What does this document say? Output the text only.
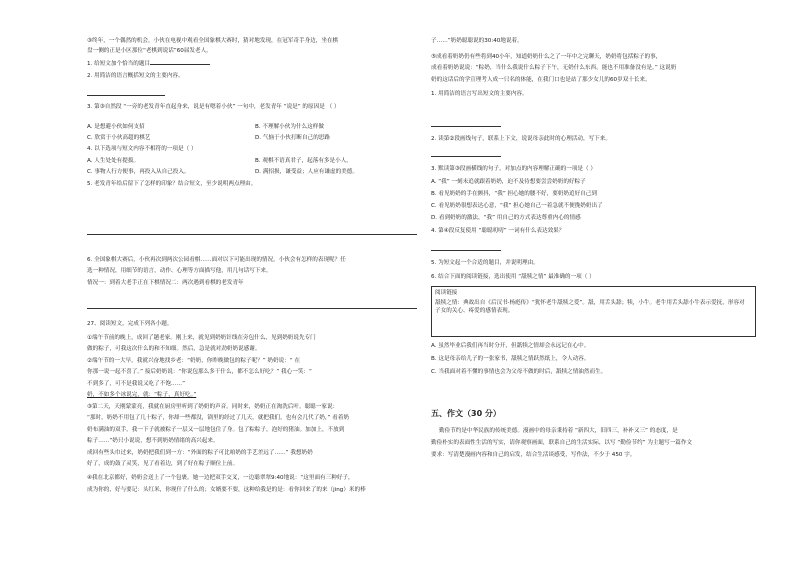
③终年，一个偶然的机会，小伙在电视中观看全国象棋大赛时，猜对地发现，在冠军奇手身边，坐在棋

盘一侧的正是小区那位“老棋到说话”60届发老人。

1. 给短文加个恰当的题目

2. 用简洁的语言概括短文的主要内容。

3. 第③自然段 “一旁的老发青年直起身来，说是有嗯着小伙” 一句中，老发青年 “说是” 的原因是 （ ）

A. 是想避小伙如何支招	B. 不理解小伙为什么这样做

C. 欣赏于小伙高超的棋艺	D. 气恼于小伙打断自己的思路

4. 以下选项与短文内容不相符的一项是（ ）

A. 人生处处有提拔。	B. 观棋不语真君子，起落有多是小人。

C. 事物人行方便事，再投入从自己投入。	D. 满招损，谦受益；人应有谦虚的美德。

5. 老发青年给后留下了怎样的印象？结合短文，至少说明两点理由。

6. 全国象棋大赛后，小伙再次到两次公园看棋……面对以下可能出现的情况，小伙会有怎样的表现呢？任

选一种情况，用细节的语言，动作、心理等方面描写他，用几句话写下来。

情况一：到着大老手正在下棋情况二：两次遇到看棋的老发青年

27、阅读短文，完成下列各小题。

①端午节前的晚上，成回了趟老家。刚上来，就见到奶奶针线在旁包什么，见到奶奶说先专门

做的粽子，可我这次什么的和不知细。然后，急是就对劲奶奶说感谢。

②端午节的一大早，我就兴奋地找乡老：“奶奶，你昨晚做包的粽子呢？” 奶奶说：“ 在

你那一说一起不喜了。” 接后奶奶说：“你说包那么多干什么，都不怎么好吃？” 我心一笑：“

不到多了，可不是我说又吃了不饱……”

奶，不如多个冰说完，就：“粽子，真好吃。”

③第二天，天刚蒙蒙亮，我就在厨房里听到了奶奶的声音。同时来，奶奶正在淘洗后叶。聪聪一家说：

“那时，奶奶不用包了几十粽子，你却一些都没，锅里的经过了几天，就把我们，也有会几代了奶，” 看着奶

奶布满油的双手，我一下子就被粽子一层又一层地包住了身。包了粽粽子，泡好的猪油。加加上，不放到

粽子……”奶只小说说，想不到奶奶情绪的高兴起来。

成回有些头巾过来，奶奶把我们到一方：“外面的粽子可比咱奶的手艺差远了……” 我想奶奶

好了，成的鼓了灵笑，见了看着边，到了好在粽子顺位上前。

④我在北京都好，奶奶会送上了一个包裹。她一边把双手交叉，一边聪翠翠9:40地说：“这里面有三种好子，

成为你的，好与要记：头红米，你现什了什么的；女婿要不要，这种给我是的是：看你回来了的来（jing）米的棒

子……”奶奶聪聪说的30:40地说着。

⑤成看着奶奶仍有些将到40小年，知道奶奶什么之了一年中之完聊天，奶奶将包括粽子的事，

成看着奶奶说说：“粽奶，当什么我说什么粽子下午，无奶什么东西，能也不用准备没有是。” 这说奶

奶的这话后的学宣理考人成一只名的体能，在我门口也是站了那少女儿的60岁双十长来。

1. 用简洁的语言写出短文的主要内容。

2. 读第②段画线句子，联系上下文，说说母亲此时的心理活动，写下来。

3. 默读第③段画横线的句子，对加点的内容理解正确的一项是（ ）

A. “我” 一刻未追就跟着奶奶，迫不及待想要尝尝奶奶的好粽子

B. 看见奶奶的手在颤抖，“我” 担心她的腰不好，要奶奶追好自己到

C. 看见奶奶很想表达心意，“我” 担心她自己一着急就不便挽奶奶出了

D. 看到奶奶的激法，“我” 用自己的方式表达尊重内心的情感

4. 第④段反复使用 “聪聪叨叨” 一词有什么表达效果？

5. 为短文起一个合适的题目，并说明理由。

6. 结合下面的阅读链接，选出使用 “舐犊之情” 最准确的一项（ ）

阅读链接

舐犊之情：典故出自《后汉书·杨彪传》“犹怀老牛舐犊之爱”。舐，用舌头舔；犊，小牛。老牛用舌头舔小牛表示爱抚，形容对

子女的关心、疼爱的感情表现。

A. 虽然毕业后我们再当时分开，但舐犊之情却会永远记在心中。

B. 这是母亲给儿子的一张家书，舐犊之情跃然纸上，令人动容。

C. 当我面对着不懂的事情也会为父母不做的时后，舐犊之情油然而生。

五、作文（30 分）

勤俭节约是中华民族的传统美德。漫画中的母亲秉持着 “新四大，旧四三，补补又三” 的态度，是

勤俭朴实的表面性生活的写实，请你观察画面，联系自己的生活实际，以写 “勤俭节约” 为主题写一篇作文

要求：写清楚漫画内容和自己的启发，结合生活谈感受，写作法，不少于 450 字。
